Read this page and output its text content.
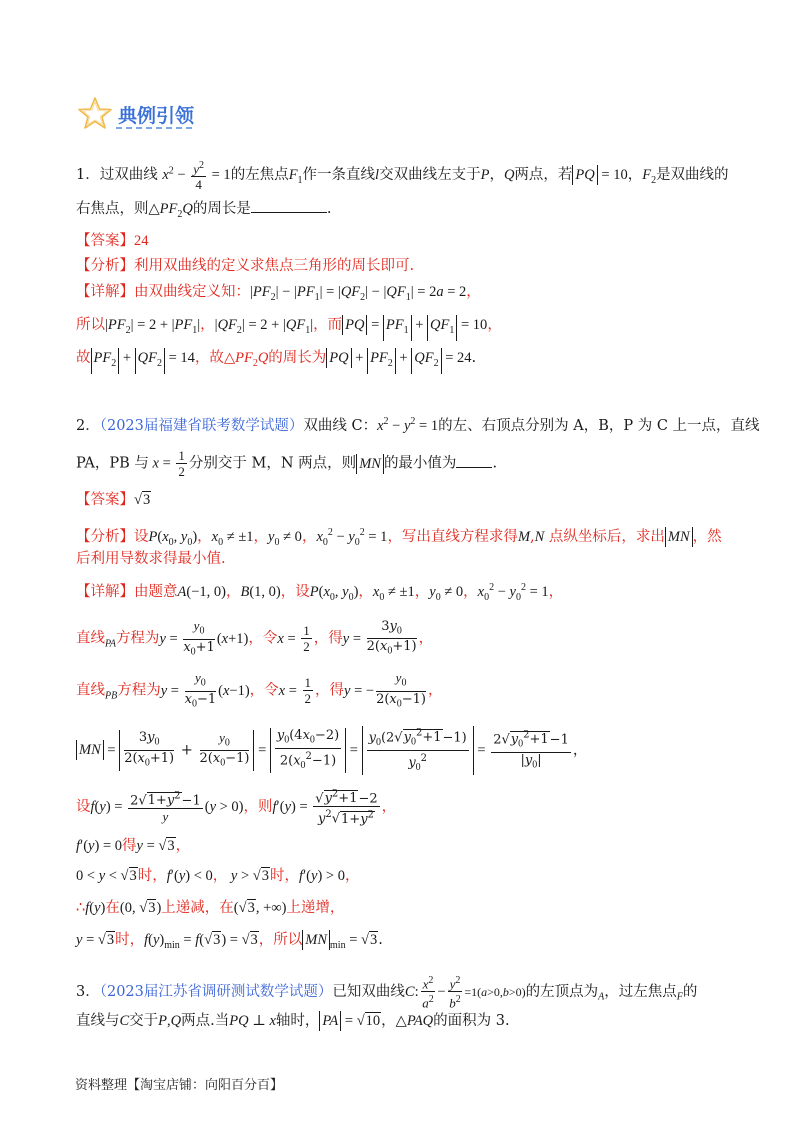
典例引领
1．过双曲线 $x^2 - \frac{y^2}{4} = 1$的左焦点$F_1$作一条直线l交双曲线左支于P，Q两点，若 PQ = 10，$F_2$是双曲线的
右焦点，则$\triangle PF_2Q$的周长是	.
【答案】24
【分析】利用双曲线的定义求焦点三角形的周长即可.
【详解】由双曲线定义知：$|PF_2| - |PF_1| = |QF_2| - |QF_1| = 2a = 2$，
所以$|PF_2| = 2 + |PF_1|$，$|QF_2| = 2 + |QF_1|$，而 PQ = $PF_1 + QF_1 = 10$，
故 $PF_2 + QF_2 = 14$，故$\triangle PF_2Q$的周长为 PQ + $PF_2 + QF_2 = 24$.
2．（2023届福建省联考数学试题）双曲线 C：$x^2 - y^2 = 1$的左、右顶点分别为 A，B，P 为 C 上一点，直线
PA，PB 与 $x = \frac{1}{2}$ 分别交于 M，N 两点，则 MN 的最小值为 .
【答案】√3
【分析】设$P(x_0$, $y_0$)，$x_0 \ne \pm 1$，$y_0 \ne 0$，$x_0^2 - y_0^2 = 1$，写出直线方程求得M,N 点纵坐标后，求出 MN ，然
后利用导数求得最小值.
【详解】由题意A(−1, 0)，B(1, 0)，设$P(x_0$, $y_0$)，$x_0 \ne \pm 1$，$y_0 \ne 0$，$x_0^2 - y_0^2 = 1$，
直线$_{PA}$方程为$y = \frac{y_0}{x_0+1} (x+1)$，令$x = \frac{1}{2}$ ，得$y = \frac{3y_0}{2(x_0+1)}$ ，
直线$_{PB}$方程为$y = \frac{y_0}{x_0-1} (x-1)$，令$x = \frac{1}{2}$ ，得y = − $\frac{y_0}{2(x_0-1)}$ ，
MN = $\frac{3y_0}{2(x_0+1)} + \frac{y_0}{2(x_0-1)} = \frac{y_0(4x_0-2)}{2(x_0^2-1)} = \frac{y_0(2√y_0^2+1-1)}{y_0^2} = \frac{2√y_0^2+1-1}{|y_0|}$ ，
设$f(y) = \frac{2√1+y^2-1}{y} (y > 0)$，则$f'(y) = \frac{√y^2+1-2}{y^2√1+y^2}$ ，
f′(y) = 0得y = √3，
0 < y < √3时，f′(y) < 0， y > √3时，f′(y) > 0，
∴f(y)在(0, √3)上递减，在(√3, +∞)上递增，
y = √3时，$f(y)_{min} = f(√3) = √3$，所以 MN $_{min}$ = √3.
3．（2023届江苏省调研测试数学试题）已知双曲线C: $\frac{x^2}{a^2} - \frac{y^2}{b^2} =1(a>0,b>0)$的左顶点为$_A$，过左焦点$_F$的
直线与C交于P,Q两点.当PQ ⊥ x轴时， PA = √10，△PAQ的面积为 3.
资料整理【淘宝店铺：向阳百分百】
